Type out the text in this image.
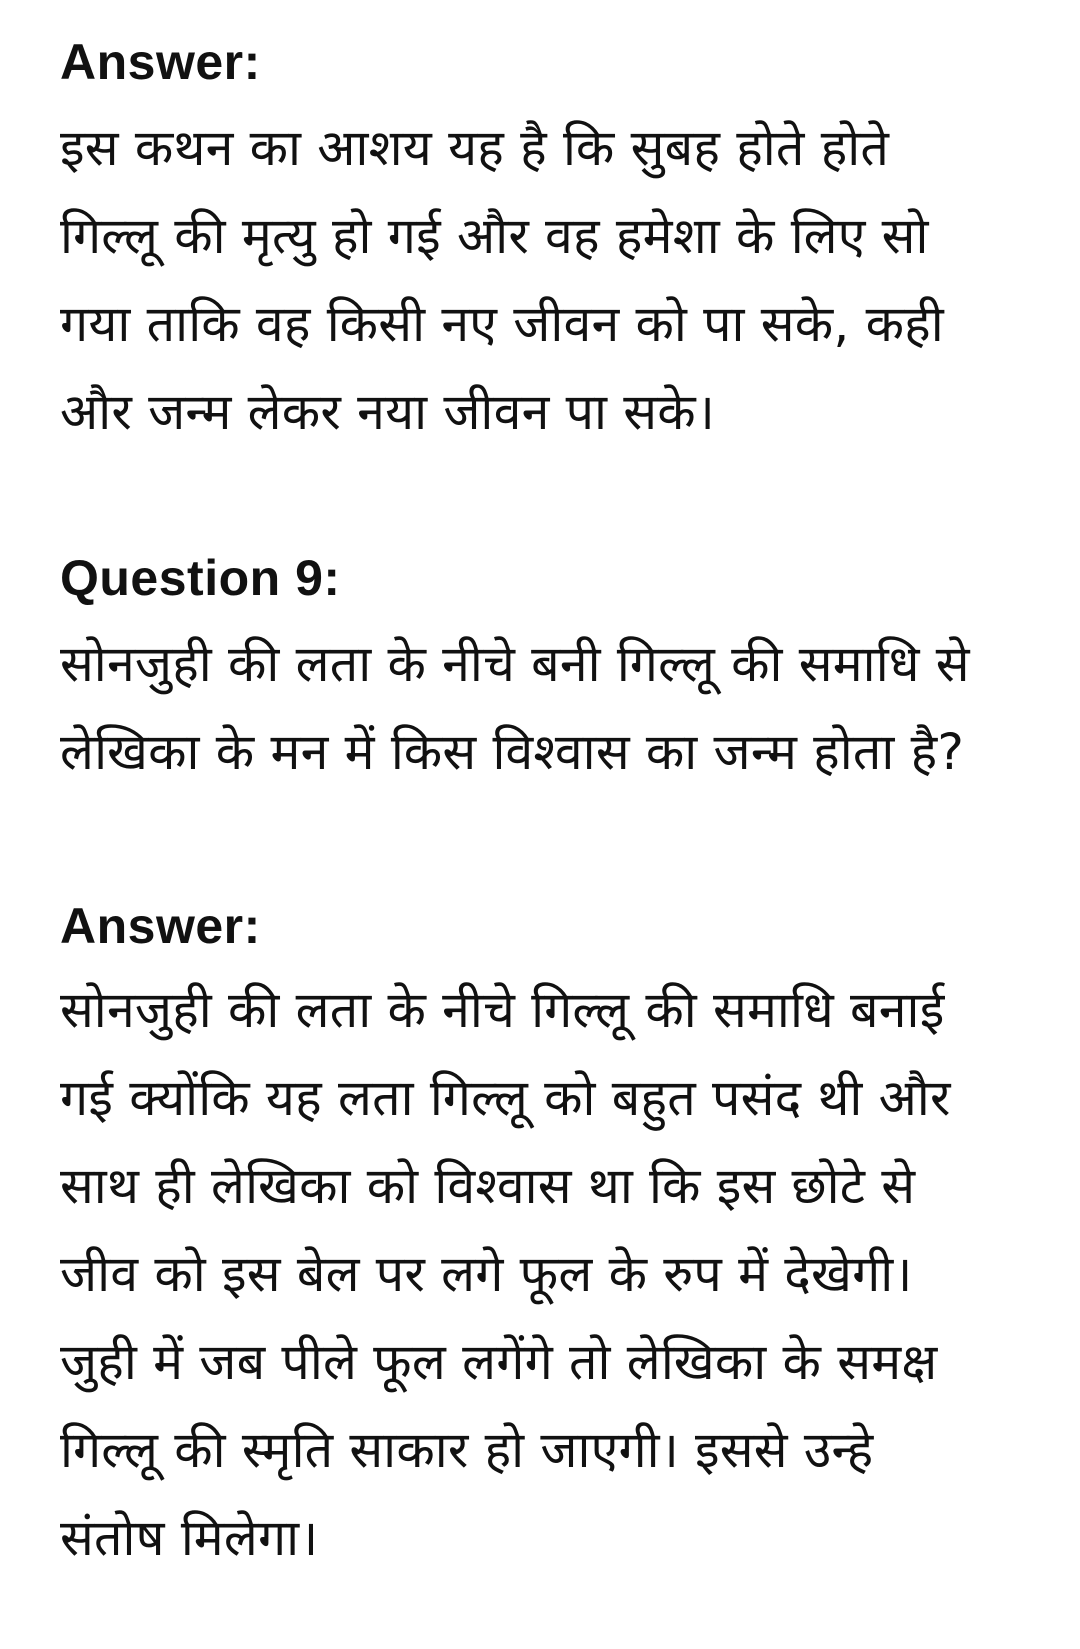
Answer:
इस कथन का आशय यह है कि सुबह होते होते
गिल्लू की मृत्यु हो गई और वह हमेशा के लिए सो
गया ताकि वह किसी नए जीवन को पा सके, कही
और जन्म लेकर नया जीवन पा सके।
Question 9:
सोनजुही की लता के नीचे बनी गिल्लू की समाधि से
लेखिका के मन में किस विश्वास का जन्म होता है?
Answer:
सोनजुही की लता के नीचे गिल्लू की समाधि बनाई
गई क्योंकि यह लता गिल्लू को बहुत पसंद थी और
साथ ही लेखिका को विश्वास था कि इस छोटे से
जीव को इस बेल पर लगे फूल के रुप में देखेगी।
जुही में जब पीले फूल लगेंगे तो लेखिका के समक्ष
गिल्लू की स्मृति साकार हो जाएगी। इससे उन्हे
संतोष मिलेगा।
